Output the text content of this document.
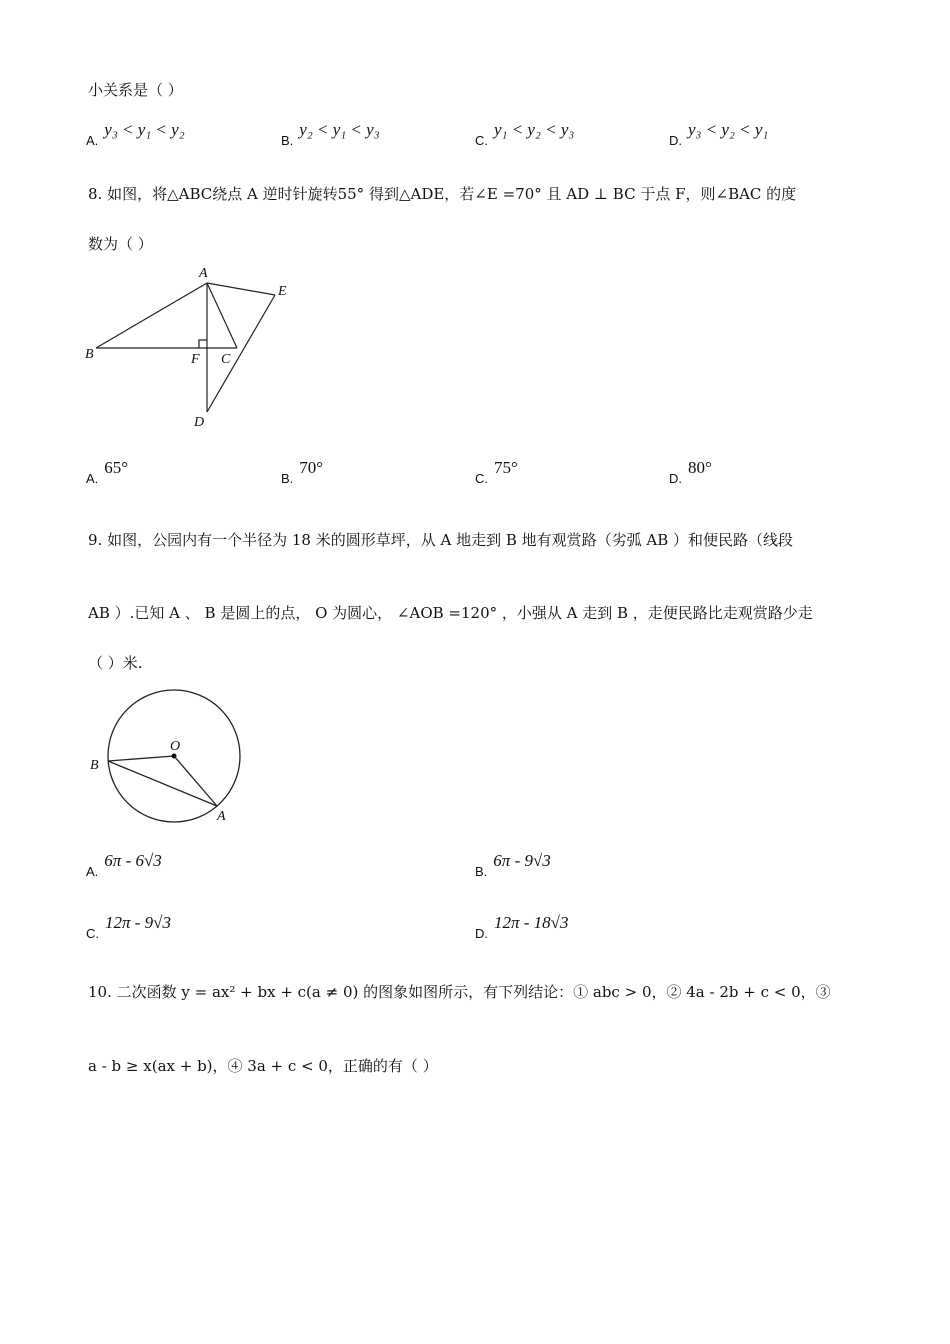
小关系是（ ）
A.y₃ < y₁ < y₂
B.y₂ < y₁ < y₃
C.y₁ < y₂ < y₃
D.y₃ < y₂ < y₁
8. 如图，将△ABC绕点 A 逆时针旋转55° 得到△ADE，若∠E =70° 且 AD ⊥ BC 于点 F，则∠BAC 的度
数为（ ）
A
E
B	F C
D
A.65°
B.70°
C.75°
D.80°
9. 如图，公园内有一个半径为 18 米的圆形草坪，从 A 地走到 B 地有观赏路（劣弧 AB ）和便民路（线段
AB ）.已知 A 、 B 是圆上的点， O 为圆心， ∠AOB =120° ，小强从 A 走到 B ，走便民路比走观赏路少走
（ ）米.
O
B
A
A.6π - 6√3
B.6π - 9√3
C.12π - 9√3
D.12π - 18√3
10. 二次函数 y = ax² + bx + c(a ≠ 0) 的图象如图所示，有下列结论：① abc > 0，② 4a - 2b + c < 0，③
a - b ≥ x(ax + b)，④ 3a + c < 0，正确的有（ ）
